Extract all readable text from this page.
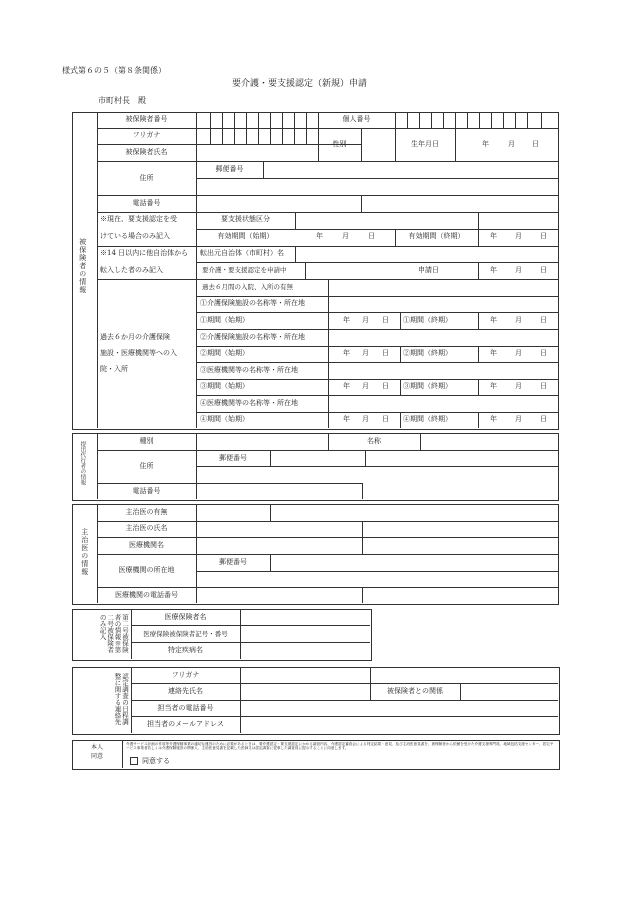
様式第６の５（第８条関係）
要介護・要支援認定（新規）申請
市町村長　殿
被保険者の情報
被保険者番号	個人番号
フリガナ
被保険者氏名
性別	生年月日	年	月 日
住所
郵便番号
電話番号
※現在、要支援認定を受
けている場合のみ記入
要支援状態区分
有効期間（始期）	年	月	日	有効期間（終期）	年	月	日
※14 日以内に他自治体から
転入した者のみ記入
転出元自治体（市町村）名
要介護・要支援認定を申請中	申請日	年	月	日
過去６か月の介護保険
施設・医療機関等への入
院・入所
過去６月間の入院、入所の有無
①介護保険施設の名称等・所在地
①期間（始期）	年 月 日 ①期間（終期）	年	月	日
②介護保険施設の名称等・所在地
②期間（始期）	年 月 日 ②期間（終期）	年	月	日
③医療機関等の名称等・所在地
③期間（始期）	年 月 日 ③期間（終期）	年	月	日
④医療機関等の名称等・所在地
④期間（始期）	年 月 日 ④期間（終期）	年	月	日
提出代行者の情報	種別	名称
住所
郵便番号
電話番号
主治医の情報
主治医の有無
主治医の氏名
医療機関名
医療機関の所在地
郵便番号
医療機関の電話番号
第二号被保険者の情報※第二号被保険者のみ記入	医療保険者名
医療保険被保険者記号・番号
特定疾病名
認定調査の日程調整に関する連絡先	フリガナ
連絡先氏名	被保険者との関係
担当者の電話番号
担当者のメールアドレス
本人
同意
介護サービス計画の作成等介護保険事業の適切な運営のために必要があるときは、要介護認定・要支援認定にかかる調査内容、介護認定審査会による判定結果・意見、及び主治医意見書を、被保険者から依頼を受けた介護支援専門員、地域包括支援センター、居宅サービス事業者若しくは介護保険施設の関係人、主治医意見書を記載した医師又は認定調査に従事した調査員に提示することに同意します。
同意する
